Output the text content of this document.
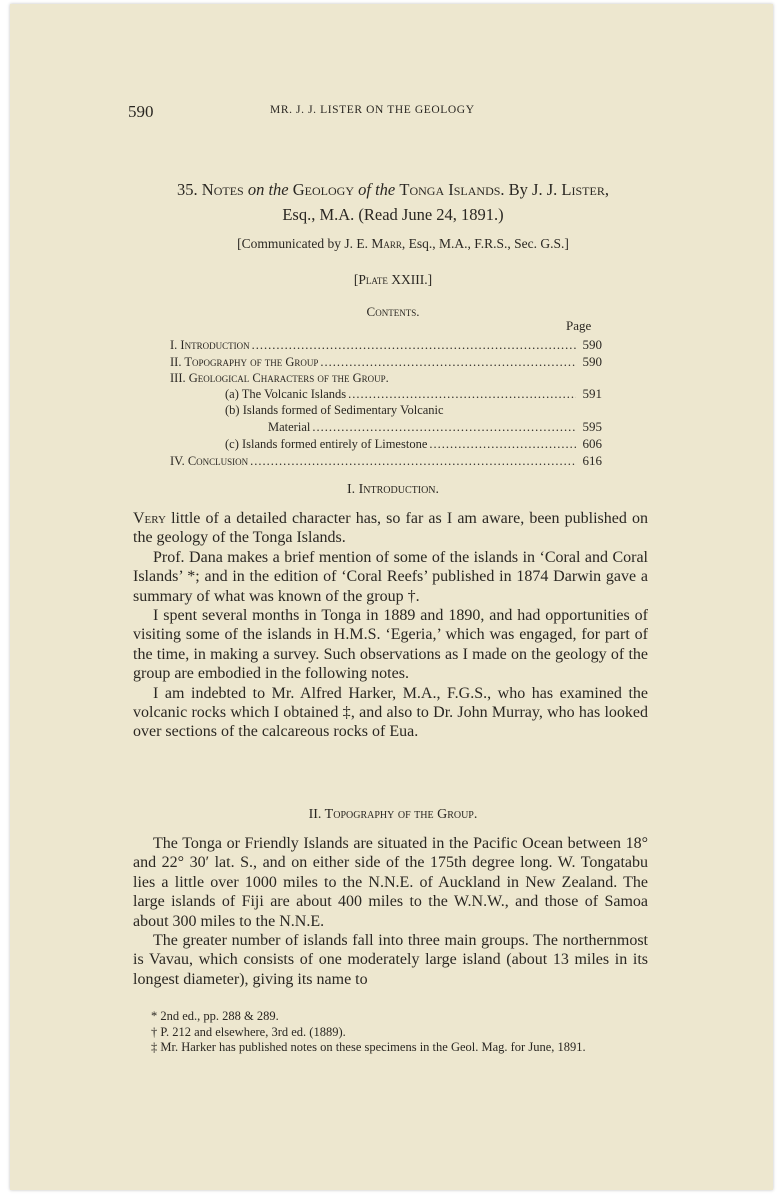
590	MR. J. J. LISTER ON THE GEOLOGY
35. Notes on the Geology of the Tonga Islands. By J. J. Lister,
Esq., M.A. (Read June 24, 1891.)
[Communicated by J. E. Marr, Esq., M.A., F.R.S., Sec. G.S.]
[Plate XXIII.]
Contents.
Page
I. Introduction .....	590
II. Topography of the Group .....	590
III. Geological Characters of the Group.
(a) The Volcanic Islands .....	591
(b) Islands formed of Sedimentary Volcanic
Material .....	595
(c) Islands formed entirely of Limestone .....	606
IV. Conclusion .....	616
I. Introduction.

Very little of a detailed character has, so far as I am aware, been published on the geology of the Tonga Islands.

Prof. Dana makes a brief mention of some of the islands in ‘Coral and Coral Islands’ *; and in the edition of ‘Coral Reefs’ published in 1874 Darwin gave a summary of what was known of the group †.

I spent several months in Tonga in 1889 and 1890, and had opportunities of visiting some of the islands in H.M.S. ‘Egeria,’ which was engaged, for part of the time, in making a survey. Such observations as I made on the geology of the group are embodied in the following notes.

I am indebted to Mr. Alfred Harker, M.A., F.G.S., who has examined the volcanic rocks which I obtained ‡, and also to Dr. John Murray, who has looked over sections of the calcareous rocks of Eua.

II. Topography of the Group.

The Tonga or Friendly Islands are situated in the Pacific Ocean between 18° and 22° 30′ lat. S., and on either side of the 175th degree long. W. Tongatabu lies a little over 1000 miles to the N.N.E. of Auckland in New Zealand. The large islands of Fiji are about 400 miles to the W.N.W., and those of Samoa about 300 miles to the N.N.E.

The greater number of islands fall into three main groups. The northernmost is Vavau, which consists of one moderately large island (about 13 miles in its longest diameter), giving its name to

* 2nd ed., pp. 288 & 289.

† P. 212 and elsewhere, 3rd ed. (1889).

‡ Mr. Harker has published notes on these specimens in the Geol. Mag. for June, 1891.
